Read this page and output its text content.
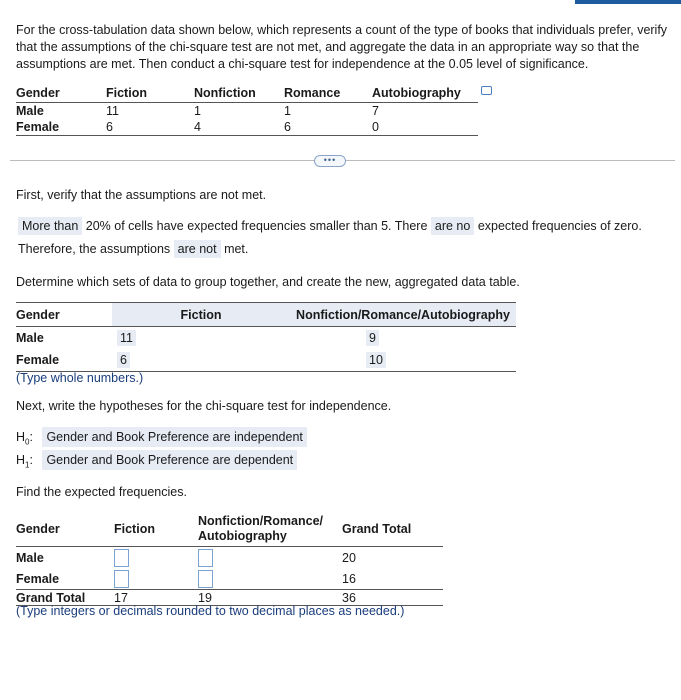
For the cross-tabulation data shown below, which represents a count of the type of books that individuals prefer, verify that the assumptions of the chi-square test are not met, and aggregate the data in an appropriate way so that the assumptions are met. Then conduct a chi-square test for independence at the 0.05 level of significance.
Gender	Fiction	Nonfiction	Romance	Autobiography
Male	11	1	1	7
Female	6	4	6	0
•••
First, verify that the assumptions are not met.
More than 20% of cells have expected frequencies smaller than 5. There are no expected frequencies of zero.
Therefore, the assumptions are not met.
Determine which sets of data to group together, and create the new, aggregated data table.
Gender	Fiction	Nonfiction/Romance/Autobiography
Male	11	9
Female	6	10
(Type whole numbers.)
Next, write the hypotheses for the chi-square test for independence.
$H_0$: Gender and Book Preference are independent
$H_1$: Gender and Book Preference are dependent
Find the expected frequencies.
Gender	Fiction	Nonfiction/Romance/ Autobiography	Grand Total
Male			20
Female			16
Grand Total	17	19	36
(Type integers or decimals rounded to two decimal places as needed.)
